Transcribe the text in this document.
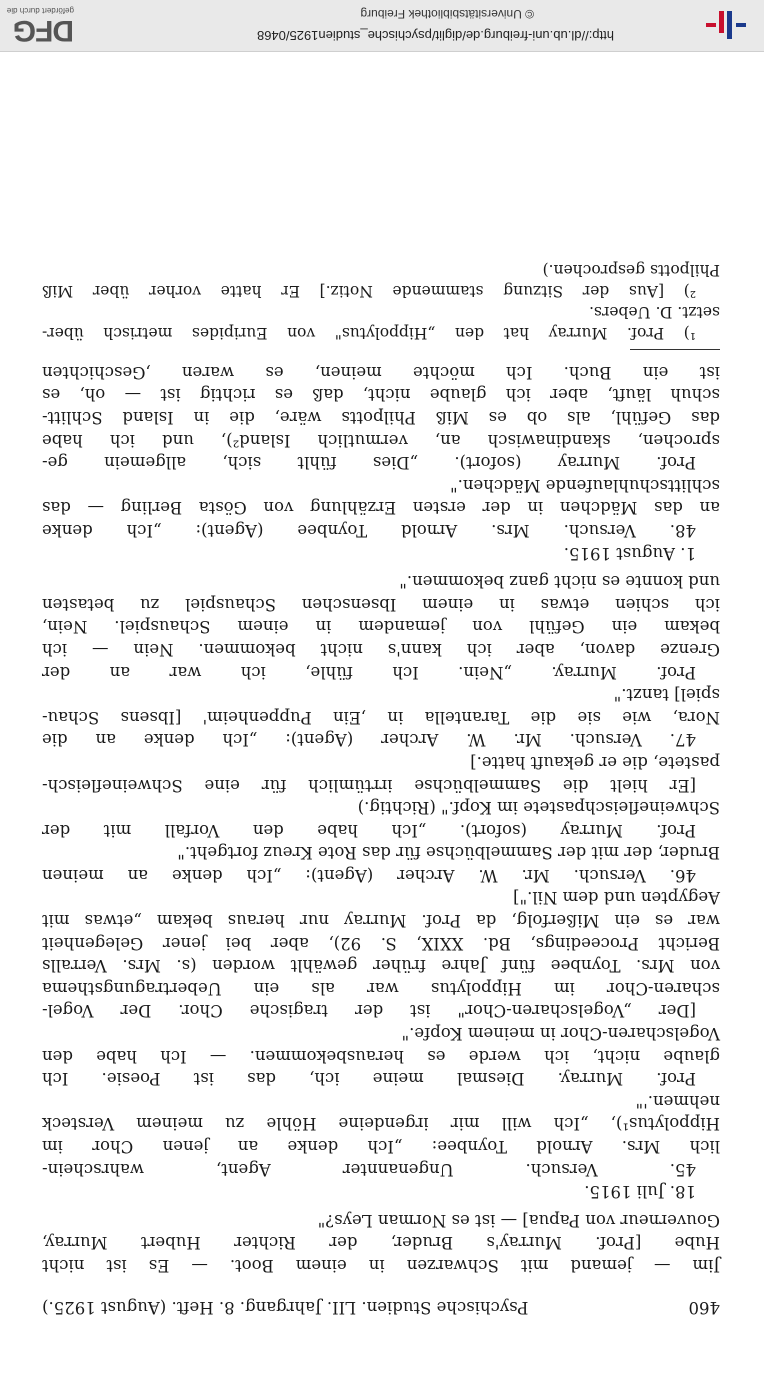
460
Psychische Studien. LII. Jahrgang. 8. Heft. (August 1925.)
Jim — jemand mit Schwarzen in einem Boot. — Es ist nicht
Hube [Prof. Murray's Bruder, der Richter Hubert Murray,
Gouverneur von Papua] — ist es Norman Leys?"
18. Juli 1915.
45. Versuch. Ungenannter Agent, wahrschein-
lich Mrs. Arnold Toynbee: „Ich denke an jenen Chor im
Hippolytus¹), „Ich will mir irgendeine Höhle zu meinem Versteck
nehmen.'"
Prof. Murray. Diesmal meine ich, das ist Poesie. Ich
glaube nicht, ich werde es herausbekommen. — Ich habe den
Vogelscharen-Chor in meinem Kopfe."
[Der „Vogelscharen-Chor" ist der tragische Chor. Der Vogel-
scharen-Chor im Hippolytus war als ein Uebertragungsthema
von Mrs. Toynbee fünf Jahre früher gewählt worden (s. Mrs. Verralls
Bericht Proceedings, Bd. XXIX, S. 92), aber bei jener Gelegenheit
war es ein Mißerfolg, da Prof. Murray nur heraus bekam „etwas mit
Aegypten und dem Nil."]
46. Versuch. Mr. W. Archer (Agent): „Ich denke an meinen
Bruder, der mit der Sammelbüchse für das Rote Kreuz fortgeht."
Prof. Murray (sofort). „Ich habe den Vorfall mit der
Schweinefleischpastete im Kopf." (Richtig.)
[Er hielt die Sammelbüchse irrtümlich für eine Schweinefleisch-
pastete, die er gekauft hatte.]
47. Versuch. Mr. W. Archer (Agent): „Ich denke an die
Nora, wie sie die Tarantella in ‚Ein Puppenheim' [Ibsens Schau-
spiel] tanzt."
Prof. Murray. „Nein. Ich fühle, ich war an der
Grenze davon, aber ich kann's nicht bekommen. Nein — ich
bekam ein Gefühl von jemandem in einem Schauspiel. Nein,
ich schien etwas in einem Ibsenschen Schauspiel zu betasten
und konnte es nicht ganz bekommen."
1. August 1915.
48. Versuch. Mrs. Arnold Toynbee (Agent): „Ich denke
an das Mädchen in der ersten Erzählung von Gösta Berling — das
schlittschuhlaufende Mädchen."
Prof. Murray (sofort). „Dies fühlt sich, allgemein ge-
sprochen, skandinawisch an, vermutlich Island²), und ich habe
das Gefühl, als ob es Miß Philpotts wäre, die in Island Schlitt-
schuh läuft, aber ich glaube nicht, daß es richtig ist — oh, es
ist ein Buch. Ich möchte meinen, es waren ‚Geschichten
¹) Prof. Murray hat den „Hippolytus" von Euripides metrisch über-
setzt. D. Uebers.
²) [Aus der Sitzung stammende Notiz.] Er hatte vorher über Miß
Philpotts gesprochen.)
http://dl.ub.uni-freiburg.de/diglit/psychische_studien1925/0468
© Universitätsbibliothek Freiburg
DFG
gefördert durch die
